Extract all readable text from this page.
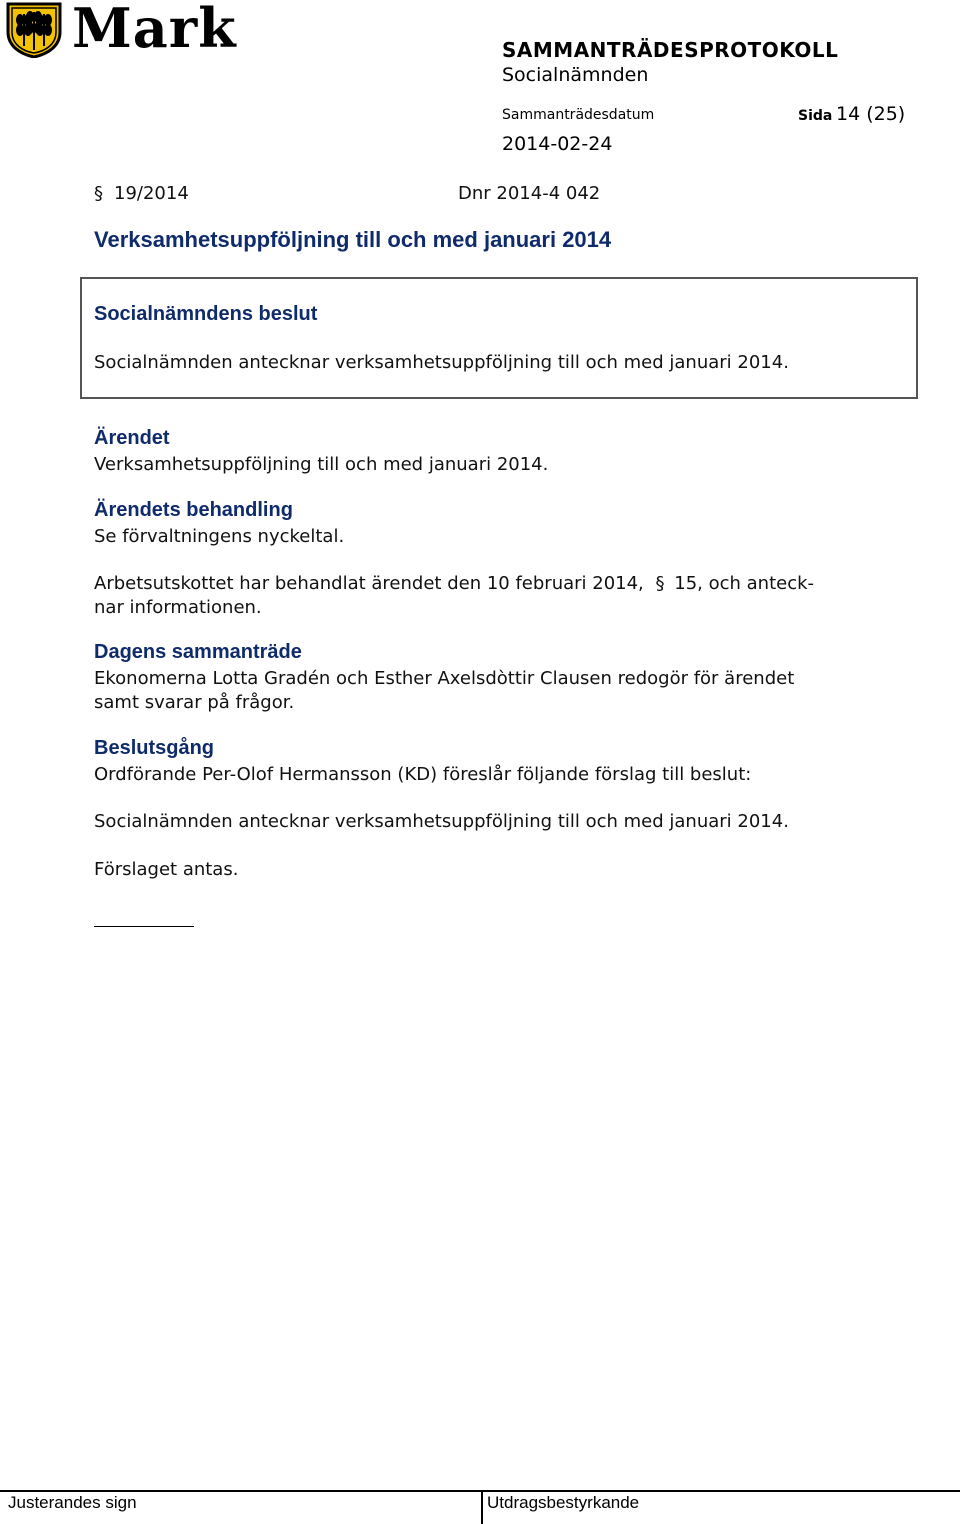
Mark	SAMMANTRÄDESPROTOKOLL
Socialnämnden
Sammanträdesdatum	Sida 14 (25)
2014-02-24
§ 19/2014	Dnr 2014-4 042
Verksamhetsuppföljning till och med januari 2014
Socialnämndens beslut
Socialnämnden antecknar verksamhetsuppföljning till och med januari 2014.
Ärendet
Verksamhetsuppföljning till och med januari 2014.
Ärendets behandling
Se förvaltningens nyckeltal.
Arbetsutskottet har behandlat ärendet den 10 februari 2014, § 15, och anteck-
nar informationen.
Dagens sammanträde
Ekonomerna Lotta Gradén och Esther Axelsdòttir Clausen redogör för ärendet
samt svarar på frågor.
Beslutsgång
Ordförande Per-Olof Hermansson (KD) föreslår följande förslag till beslut:
Socialnämnden antecknar verksamhetsuppföljning till och med januari 2014.
Förslaget antas.
Justerandes sign	Utdragsbestyrkande
